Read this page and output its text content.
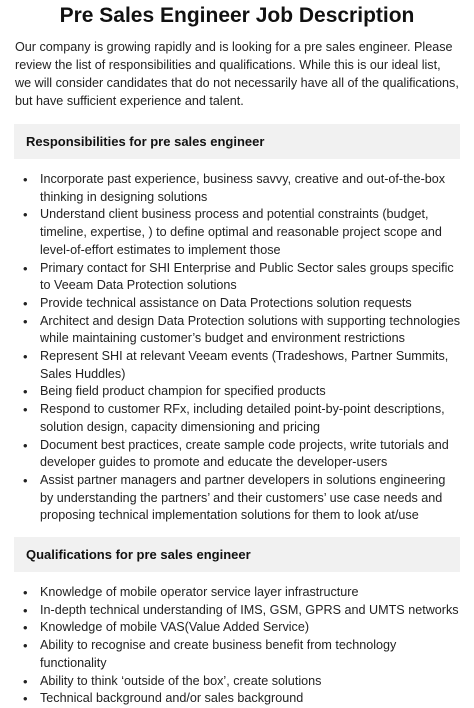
Pre Sales Engineer Job Description

Our company is growing rapidly and is looking for a pre sales engineer. Please review the list of responsibilities and qualifications. While this is our ideal list, we will consider candidates that do not necessarily have all of the qualifications, but have sufficient experience and talent.

Responsibilities for pre sales engineer
• Incorporate past experience, business savvy, creative and out-of-the-box thinking in designing solutions
• Understand client business process and potential constraints (budget, timeline, expertise, ) to define optimal and reasonable project scope and level-of-effort estimates to implement those
• Primary contact for SHI Enterprise and Public Sector sales groups specific to Veeam Data Protection solutions
• Provide technical assistance on Data Protections solution requests
• Architect and design Data Protection solutions with supporting technologies while maintaining customer’s budget and environment restrictions
• Represent SHI at relevant Veeam events (Tradeshows, Partner Summits, Sales Huddles)
• Being field product champion for specified products
• Respond to customer RFx, including detailed point-by-point descriptions, solution design, capacity dimensioning and pricing
• Document best practices, create sample code projects, write tutorials and developer guides to promote and educate the developer-users
• Assist partner managers and partner developers in solutions engineering by understanding the partners’ and their customers’ use case needs and proposing technical implementation solutions for them to look at/use
Qualifications for pre sales engineer
• Knowledge of mobile operator service layer infrastructure
• In-depth technical understanding of IMS, GSM, GPRS and UMTS networks
• Knowledge of mobile VAS(Value Added Service)
• Ability to recognise and create business benefit from technology functionality
• Ability to think ‘outside of the box’, create solutions
• Technical background and/or sales background
